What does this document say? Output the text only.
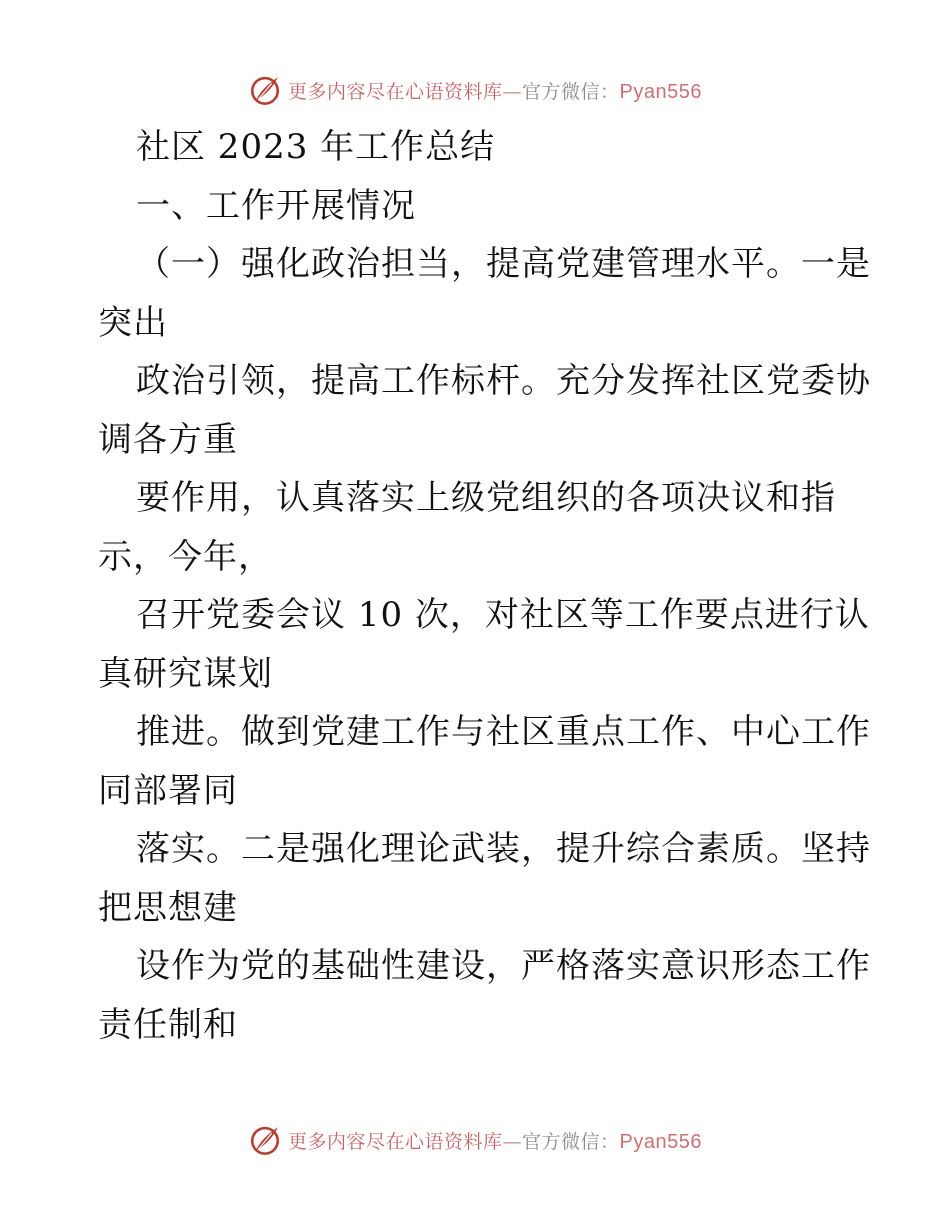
更多内容尽在心语资料库—官方微信：Pyan556
社区 2023 年工作总结
一、工作开展情况
（一）强化政治担当，提高党建管理水平。一是
突出
政治引领，提高工作标杆。充分发挥社区党委协
调各方重
要作用，认真落实上级党组织的各项决议和指
示，今年，
召开党委会议 10 次，对社区等工作要点进行认
真研究谋划
推进。做到党建工作与社区重点工作、中心工作
同部署同
落实。二是强化理论武装，提升综合素质。坚持
把思想建
设作为党的基础性建设，严格落实意识形态工作
责任制和
更多内容尽在心语资料库—官方微信：Pyan556
